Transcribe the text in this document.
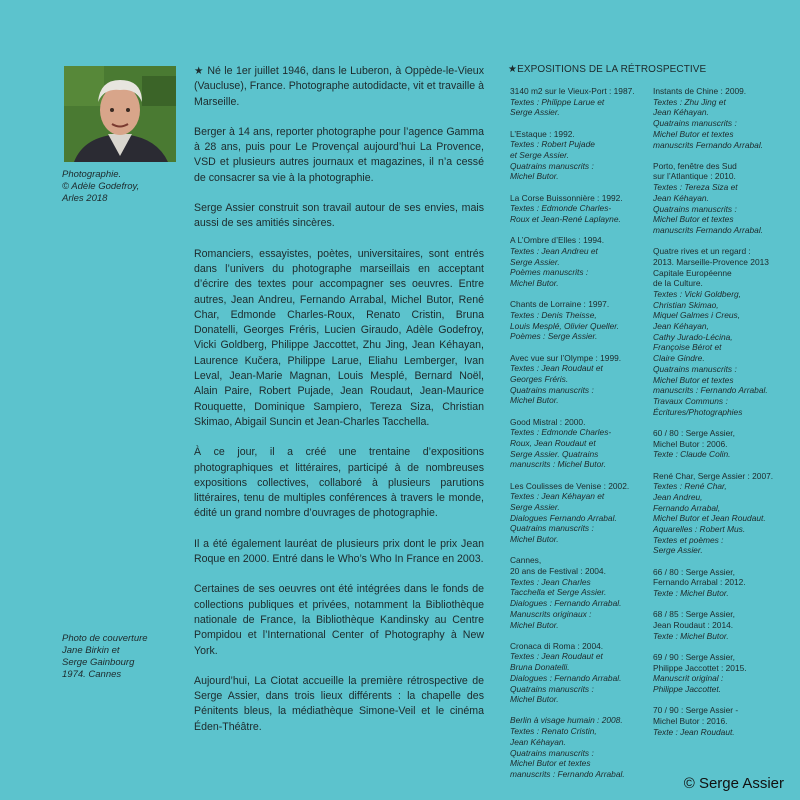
Photographie.
© Adèle Godefroy,
Arles 2018
Photo de couverture
Jane Birkin et
Serge Gainbourg
1974. Cannes

★ Né le 1er juillet 1946, dans le Luberon, à Oppède-le-Vieux (Vaucluse), France. Photographe autodidacte, vit et travaille à Marseille.

Berger à 14 ans, reporter photographe pour l’agence Gamma à 28 ans, puis pour Le Provençal aujourd’hui La Provence, VSD et plusieurs autres journaux et magazines, il n’a cessé de consacrer sa vie à la photographie.

Serge Assier construit son travail autour de ses envies, mais aussi de ses amitiés sincères.

Romanciers, essayistes, poètes, universitaires, sont entrés dans l’univers du photographe marseillais en acceptant d’écrire des textes pour accompagner ses oeuvres. Entre autres, Jean Andreu, Fernando Arrabal, Michel Butor, René Char, Edmonde Charles-Roux, Renato Cristin, Bruna Donatelli, Georges Fréris, Lucien Giraudo, Adèle Godefroy, Vicki Goldberg, Philippe Jaccottet, Zhu Jing, Jean Kéhayan, Laurence Kučera, Philippe Larue, Eliahu Lemberger, Ivan Leval, Jean-Marie Magnan, Louis Mesplé, Bernard Noël, Alain Paire, Robert Pujade, Jean Roudaut, Jean-Maurice Rouquette, Dominique Sampiero, Tereza Siza, Christian Skimao, Abigail Suncin et Jean-Charles Tacchella.

À ce jour, il a créé une trentaine d’expositions photographiques et littéraires, participé à de nombreuses expositions collectives, collaboré à plusieurs parutions littéraires, tenu de multiples conférences à travers le monde, édité un grand nombre d’ouvrages de photographie.

Il a été également lauréat de plusieurs prix dont le prix Jean Roque en 2000. Entré dans le Who’s Who In France en 2003.

Certaines de ses oeuvres ont été intégrées dans le fonds de collections publiques et privées, notamment la Bibliothèque nationale de France, la Bibliothèque Kandinsky au Centre Pompidou et l’International Center of Photography à New York.

Aujourd’hui, La Ciotat accueille la première rétrospective de Serge Assier, dans trois lieux différents : la chapelle des Pénitents bleus, la médiathèque Simone-Veil et le cinéma Éden-Théâtre.

★EXPOSITIONS DE LA RÉTROSPECTIVE
3140 m2 sur le Vieux-Port : 1987.
Textes : Philippe Larue et
Serge Assier.
L’Estaque : 1992.
Textes : Robert Pujade
et Serge Assier.
Quatrains manuscrits :
Michel Butor.
La Corse Buissonnière : 1992.
Textes : Edmonde Charles-
Roux et Jean-René Laplayne.
A L’Ombre d’Elles : 1994.
Textes : Jean Andreu et
Serge Assier.
Poèmes manuscrits :
Michel Butor.
Chants de Lorraine : 1997.
Textes : Denis Theisse,
Louis Mesplé, Olivier Queller.
Poèmes : Serge Assier.
Avec vue sur l’Olympe : 1999.
Textes : Jean Roudaut et
Georges Fréris.
Quatrains manuscrits :
Michel Butor.
Good Mistral : 2000.
Textes : Edmonde Charles-
Roux, Jean Roudaut et
Serge Assier. Quatrains
manuscrits : Michel Butor.
Les Coulisses de Venise : 2002.
Textes : Jean Kéhayan et
Serge Assier.
Dialogues Fernando Arrabal.
Quatrains manuscrits :
Michel Butor.
Cannes,
20 ans de Festival : 2004.
Textes : Jean Charles
Tacchella et Serge Assier.
Dialogues : Fernando Arrabal.
Manuscrits originaux :
Michel Butor.
Cronaca di Roma : 2004.
Textes : Jean Roudaut et
Bruna Donatelli.
Dialogues : Fernando Arrabal.
Quatrains manuscrits :
Michel Butor.
Berlin à visage humain : 2008.
Textes : Renato Cristin,
Jean Kéhayan.
Quatrains manuscrits :
Michel Butor et textes
manuscrits : Fernando Arrabal.
Instants de Chine : 2009.
Textes : Zhu Jing et
Jean Kéhayan.
Quatrains manuscrits :
Michel Butor et textes
manuscrits Fernando Arrabal.
Porto, fenêtre des Sud
sur l’Atlantique : 2010.
Textes : Tereza Siza et
Jean Kéhayan.
Quatrains manuscrits :
Michel Butor et textes
manuscrits Fernando Arrabal.
Quatre rives et un regard :
2013. Marseille-Provence 2013
Capitale Européenne
de la Culture.
Textes : Vicki Goldberg,
Christian Skimao,
Miquel Galmes i Creus,
Jean Kéhayan,
Cathy Jurado-Lécina,
Françoise Bérot et
Claire Gindre.
Quatrains manuscrits :
Michel Butor et textes
manuscrits : Fernando Arrabal.
Travaux Communs :
Écritures/Photographies
60 / 80 : Serge Assier,
Michel Butor : 2006.
Texte : Claude Colin.
René Char, Serge Assier : 2007.
Textes : René Char,
Jean Andreu,
Fernando Arrabal,
Michel Butor et Jean Roudaut.
Aquarelles : Robert Mus.
Textes et poèmes :
Serge Assier.
66 / 80 : Serge Assier,
Fernando Arrabal : 2012.
Texte : Michel Butor.
68 / 85 : Serge Assier,
Jean Roudaut : 2014.
Texte : Michel Butor.
69 / 90 : Serge Assier,
Philippe Jaccottet : 2015.
Manuscrit original :
Philippe Jaccottet.
70 / 90 : Serge Assier -
Michel Butor : 2016.
Texte : Jean Roudaut.
© Serge Assier
